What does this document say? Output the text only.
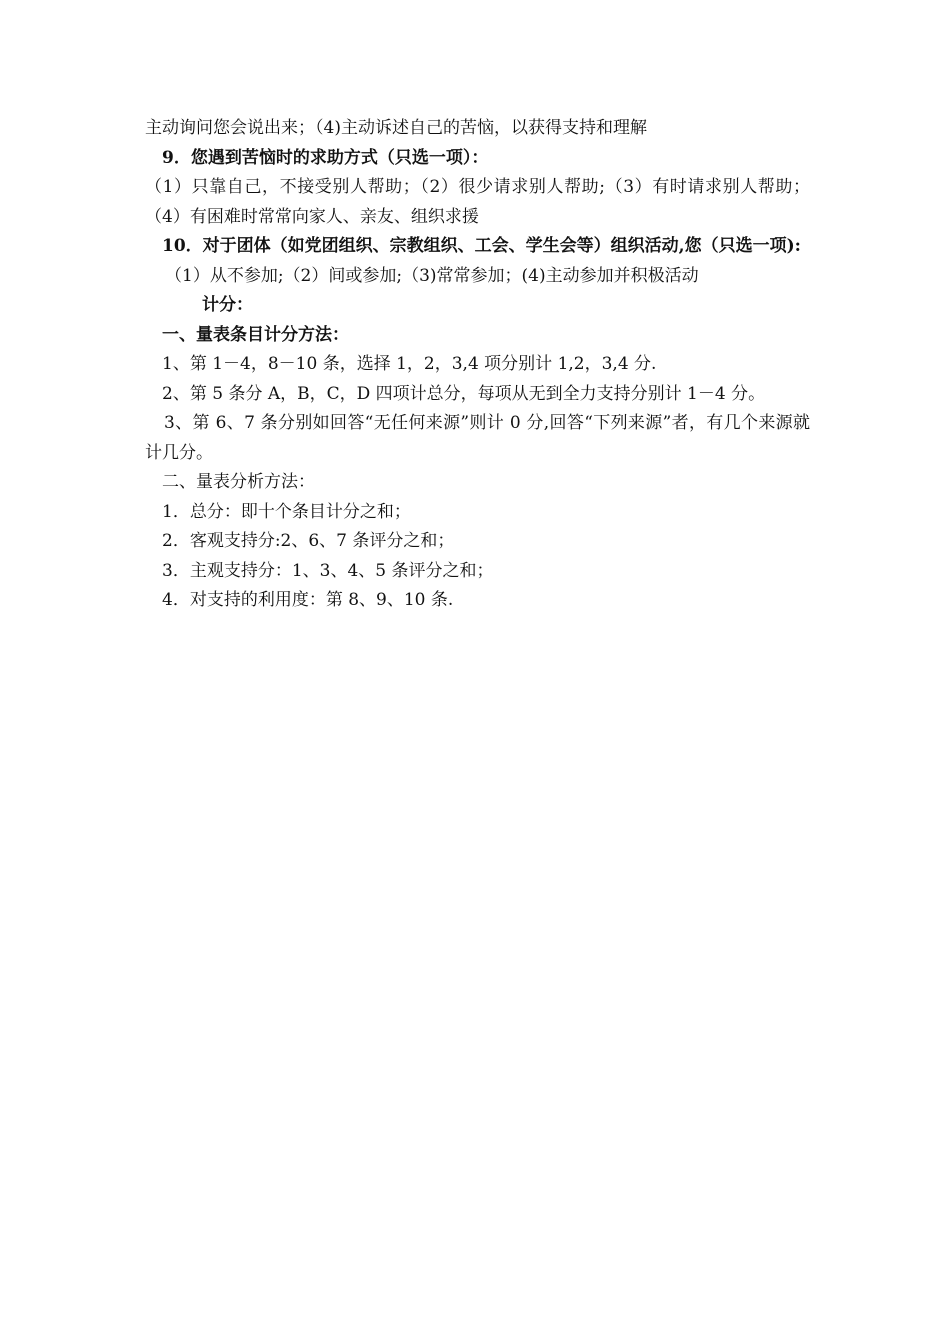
主动询问您会说出来；（4)主动诉述自己的苦恼，以获得支持和理解

9．您遇到苦恼时的求助方式（只选一项）：

（1）只靠自己，不接受别人帮助；（2）很少请求别人帮助;（3）有时请求别人帮助；（4）有困难时常常向家人、亲友、组织求援

10．对于团体（如党团组织、宗教组织、工会、学生会等）组织活动,您（只选一项):

（1）从不参加;（2）间或参加;（3)常常参加；(4)主动参加并积极活动

计分：

一、量表条目计分方法：

1、第 1－4，8－10 条，选择 1，2，3,4 项分别计 1,2，3,4 分.

2、第 5 条分 A，B，C，D 四项计总分，每项从无到全力支持分别计 1－4 分。

3、第 6、7 条分别如回答“无任何来源”则计 0 分,回答“下列来源”者，有几个来源就计几分。

二、量表分析方法：

1．总分：即十个条目计分之和；

2．客观支持分:2、6、7 条评分之和；

3．主观支持分：1、3、4、5 条评分之和；

4．对支持的利用度：第 8、9、10 条.
